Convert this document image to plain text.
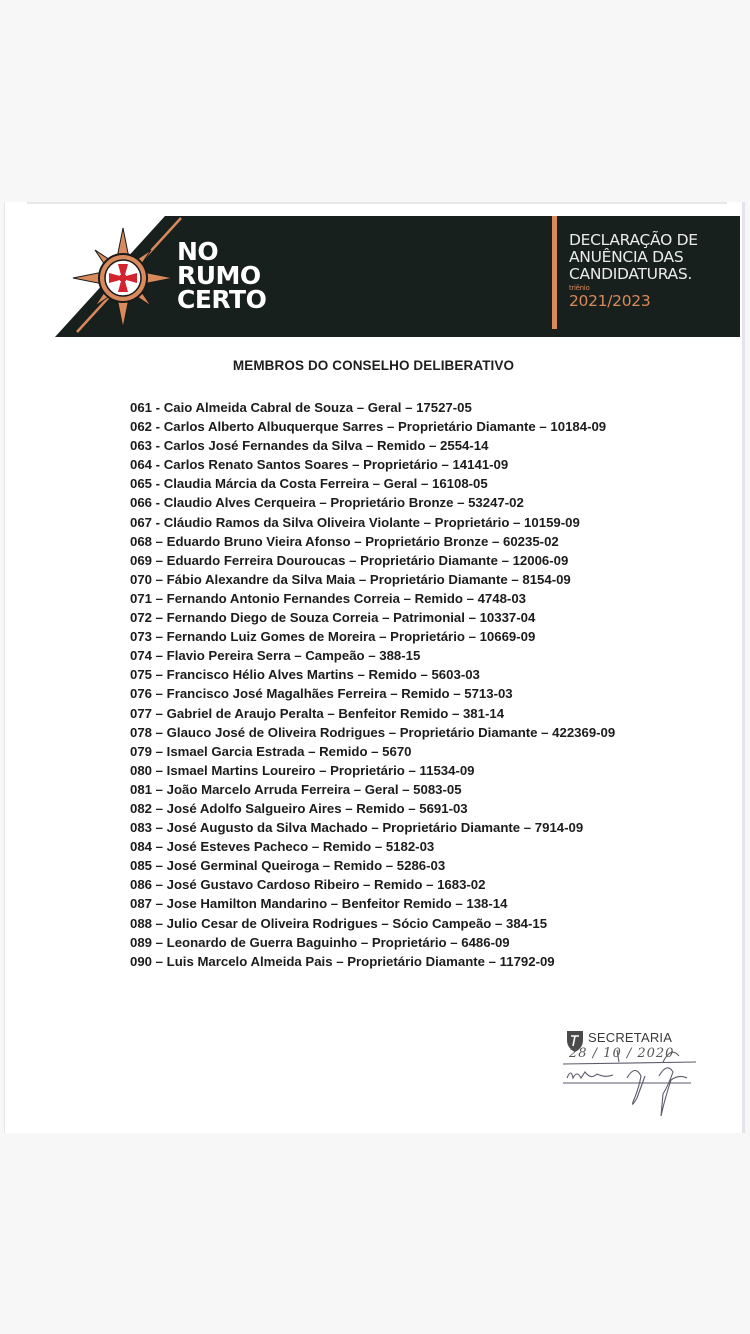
NO
RUMO
CERTO
DECLARAÇÃO DE
ANUÊNCIA DAS
CANDIDATURAS.
triênio
2021/2023
MEMBROS DO CONSELHO DELIBERATIVO
061 - Caio Almeida Cabral de Souza – Geral – 17527-05
062 - Carlos Alberto Albuquerque Sarres – Proprietário Diamante – 10184-09
063 - Carlos José Fernandes da Silva – Remido – 2554-14
064 - Carlos Renato Santos Soares – Proprietário – 14141-09
065 - Claudia Márcia da Costa Ferreira – Geral – 16108-05
066 - Claudio Alves Cerqueira – Proprietário Bronze – 53247-02
067 - Cláudio Ramos da Silva Oliveira Violante – Proprietário – 10159-09
068 – Eduardo Bruno Vieira Afonso – Proprietário Bronze – 60235-02
069 – Eduardo Ferreira Douroucas – Proprietário Diamante – 12006-09
070 – Fábio Alexandre da Silva Maia – Proprietário Diamante – 8154-09
071 – Fernando Antonio Fernandes Correia – Remido – 4748-03
072 – Fernando Diego de Souza Correia – Patrimonial – 10337-04
073 – Fernando Luiz Gomes de Moreira – Proprietário – 10669-09
074 – Flavio Pereira Serra – Campeão – 388-15
075 – Francisco Hélio Alves Martins – Remido – 5603-03
076 – Francisco José Magalhães Ferreira – Remido – 5713-03
077 – Gabriel de Araujo Peralta – Benfeitor Remido – 381-14
078 – Glauco José de Oliveira Rodrigues – Proprietário Diamante – 422369-09
079 – Ismael Garcia Estrada – Remido – 5670
080 – Ismael Martins Loureiro – Proprietário – 11534-09
081 – João Marcelo Arruda Ferreira – Geral – 5083-05
082 – José Adolfo Salgueiro Aires – Remido – 5691-03
083 – José Augusto da Silva Machado – Proprietário Diamante – 7914-09
084 – José Esteves Pacheco – Remido – 5182-03
085 – José Germinal Queiroga – Remido – 5286-03
086 – José Gustavo Cardoso Ribeiro – Remido – 1683-02
087 – Jose Hamilton Mandarino – Benfeitor Remido – 138-14
088 – Julio Cesar de Oliveira Rodrigues – Sócio Campeão – 384-15
089 – Leonardo de Guerra Baguinho – Proprietário – 6486-09
090 – Luis Marcelo Almeida Pais – Proprietário Diamante – 11792-09
SECRETARIA
28 / 10 / 2020
